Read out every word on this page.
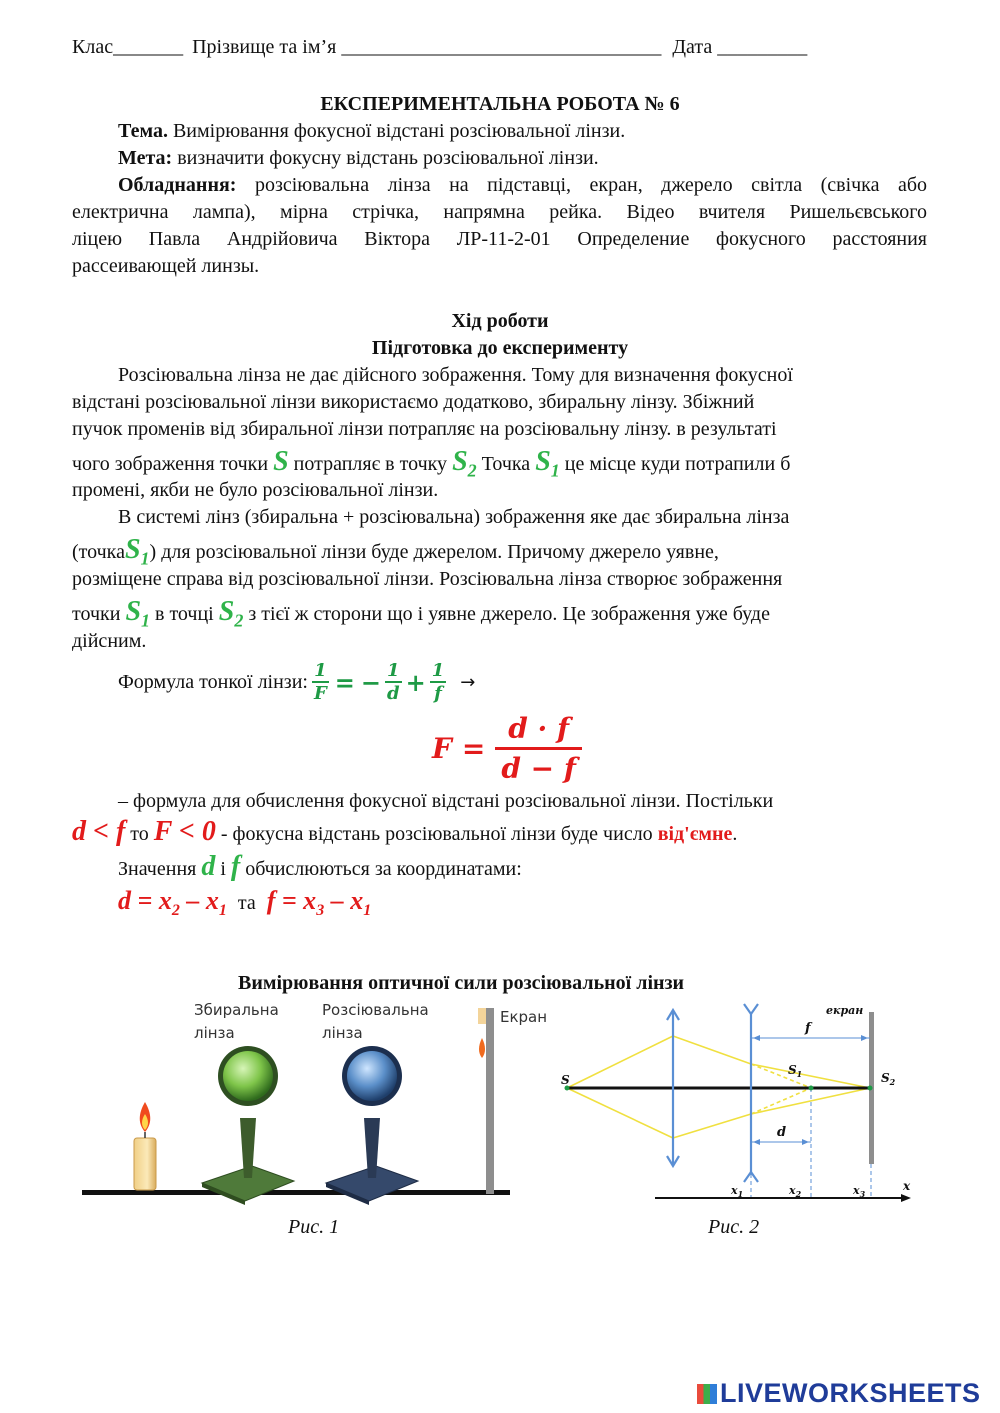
Клас_______ Прізвище та ім’я ________________________________ Дата _________
ЕКСПЕРИМЕНТАЛЬНА РОБОТА № 6
Тема. Вимірювання фокусної відстані розсіювальної лінзи.
Мета: визначити фокусну відстань розсіювальної лінзи.
Обладнання: розсіювальна лінза на підставці, екран, джерело світла (свічка або
електрична лампа), мірна стрічка, напрямна рейка. Відео вчителя Ришельєвського
ліцею Павла Андрійовича Віктора ЛР-11-2-01 Определение фокусного расстояния
рассеивающей линзы.
Хід роботи
Підготовка до експерименту
Розсіювальна лінза не дає дійсного зображення. Тому для визначення фокусної
відстані розсіювальної лінзи використаємо додатково, збиральну лінзу. Збіжний
пучок променів від збиральної лінзи потрапляє на розсіювальну лінзу. в результаті
чого зображення точки S потрапляє в точку $S_2$ Точка $S_1$ це місце куди потрапили б
промені, якби не було розсіювальної лінзи.
В системі лінз (збиральна + розсіювальна) зображення яке дає збиральна лінза
(точкаS$_1$) для розсіювальної лінзи буде джерелом. Причому джерело уявне,
розміщене справа від розсіювальної лінзи. Розсіювальна лінза створює зображення
точки $S_1$ в точці $S_2$ з тієї ж сторони що і уявне джерело. Це зображення уже буде
дійсним.
Формула тонкої лінзи: $\frac{1}{F}$ = − $\frac{1}{d} + \frac{1}{f}$ →
$F = \frac{d \cdot f}{d - f}$
– формула для обчислення фокусної відстані розсіювальної лінзи. Постільки
d < f то F < 0 - фокусна відстань розсіювальної лінзи буде число від'ємне.
Значення d і f обчислюються за координатами:
$d = x_2 - x_1$ та $f = x_3 - x_1$
Вимірювання оптичної сили розсіювальної лінзи
Збиральна
лінза
Розсіювальна
лінза
Екран
Рис. 1
екран
f
d
S
$S_1$	$S_2$
x
$x_1$	$x_2$	$x_3$
Рис. 2
LIVEWORKSHEETS
